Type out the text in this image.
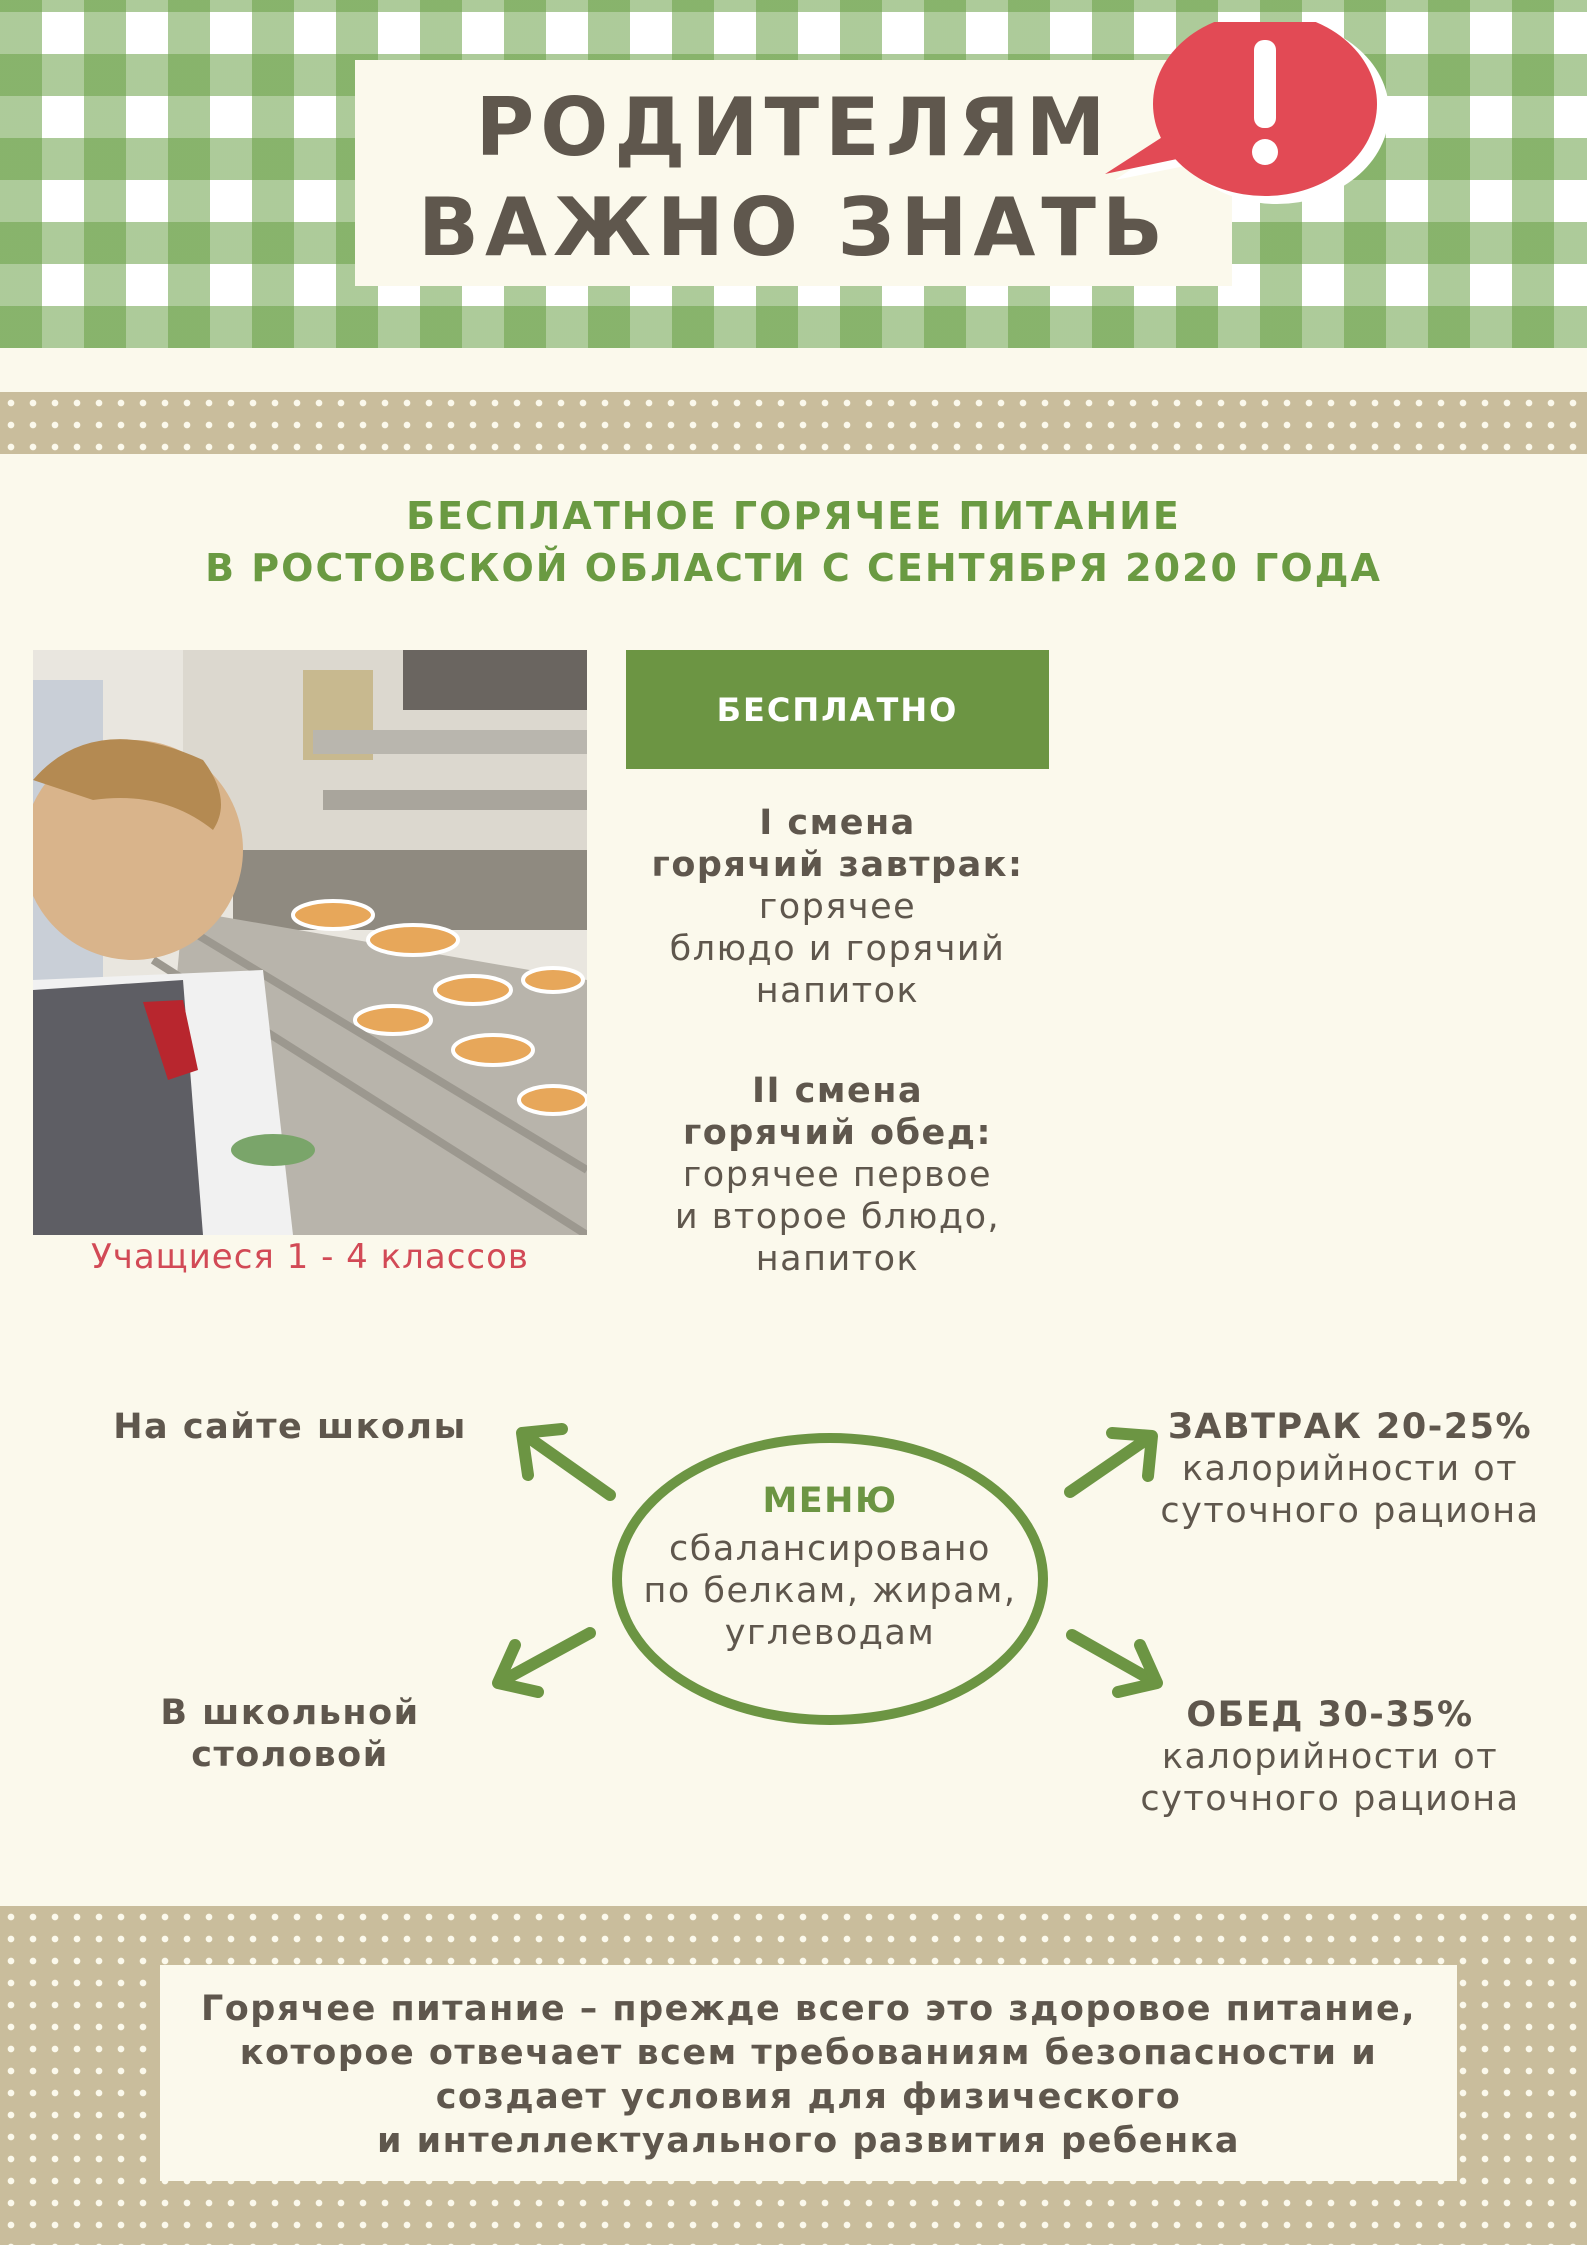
РОДИТЕЛЯМ
ВАЖНО ЗНАТЬ
БЕСПЛАТНОЕ ГОРЯЧЕЕ ПИТАНИЕ
В РОСТОВСКОЙ ОБЛАСТИ С СЕНТЯБРЯ 2020 ГОДА
Учащиеся 1 - 4 классов
БЕСПЛАТНО
I смена
горячий завтрак:
горячее
блюдо и горячий
напиток
II смена
горячий обед:
горячее первое
и второе блюдо,
напиток
МЕНЮ
сбалансировано
по белкам, жирам,
углеводам
На сайте школы
В школьной
столовой
ЗАВТРАК 20-25%
калорийности от
суточного рациона
ОБЕД 30-35%
калорийности от
суточного рациона
Горячее питание – прежде всего это здоровое питание,
которое отвечает всем требованиям безопасности и
создает условия для физического
и интеллектуального развития ребенка
